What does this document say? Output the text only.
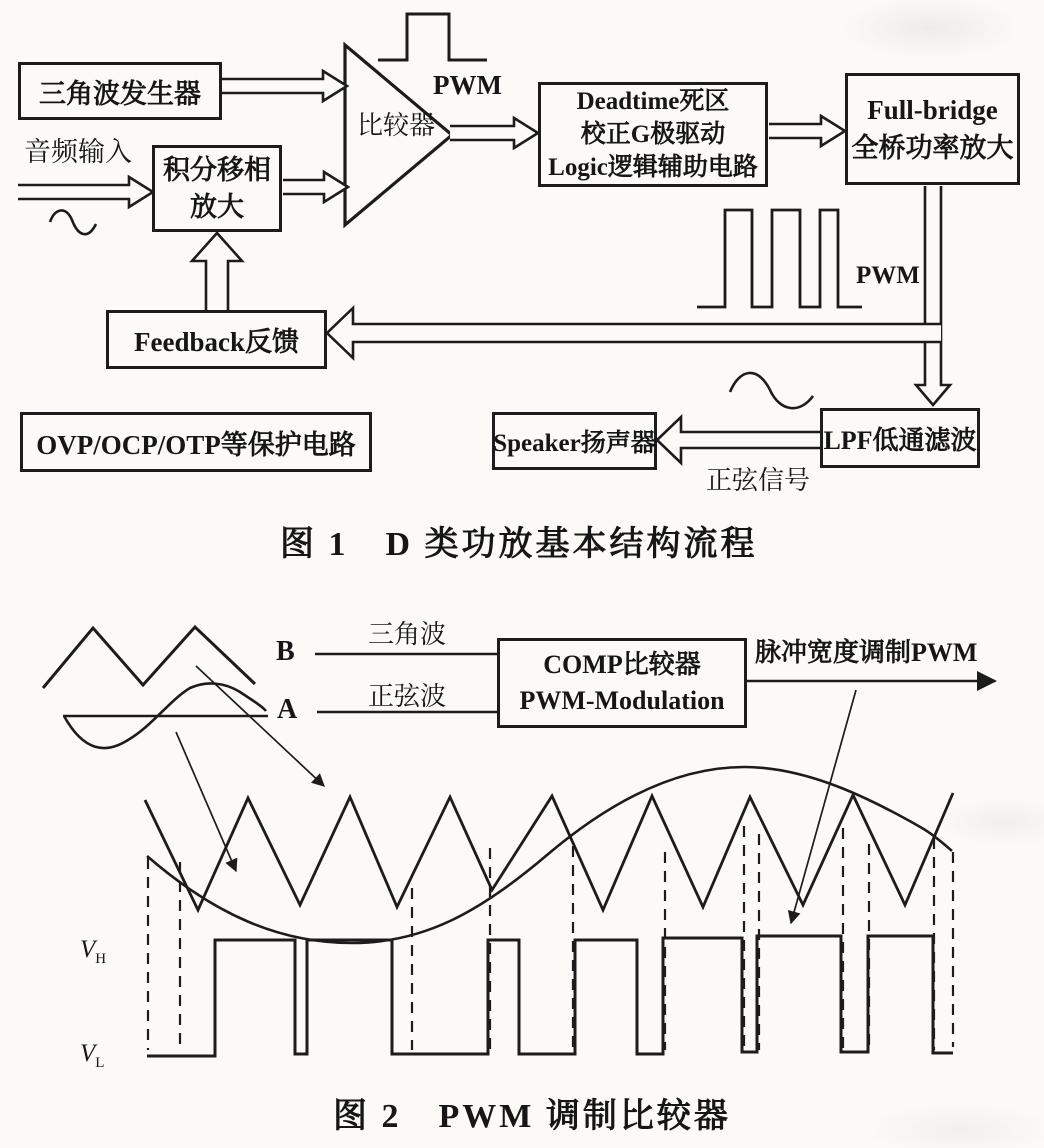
三角波发生器
积分移相
放大
Deadtime死区
校正G极驱动
Logic逻辑辅助电路
Full-bridge
全桥功率放大
Feedback反馈
OVP/OCP/OTP等保护电路	Speaker扬声器	LPF低通滤波
音频输入
比较器
PWM
PWM
正弦信号
图 1　D 类功放基本结构流程
B
A
三角波
正弦波
COMP比较器
PWM-Modulation
脉冲宽度调制PWM
$V_H$
$V_L$
图 2　PWM 调制比较器
